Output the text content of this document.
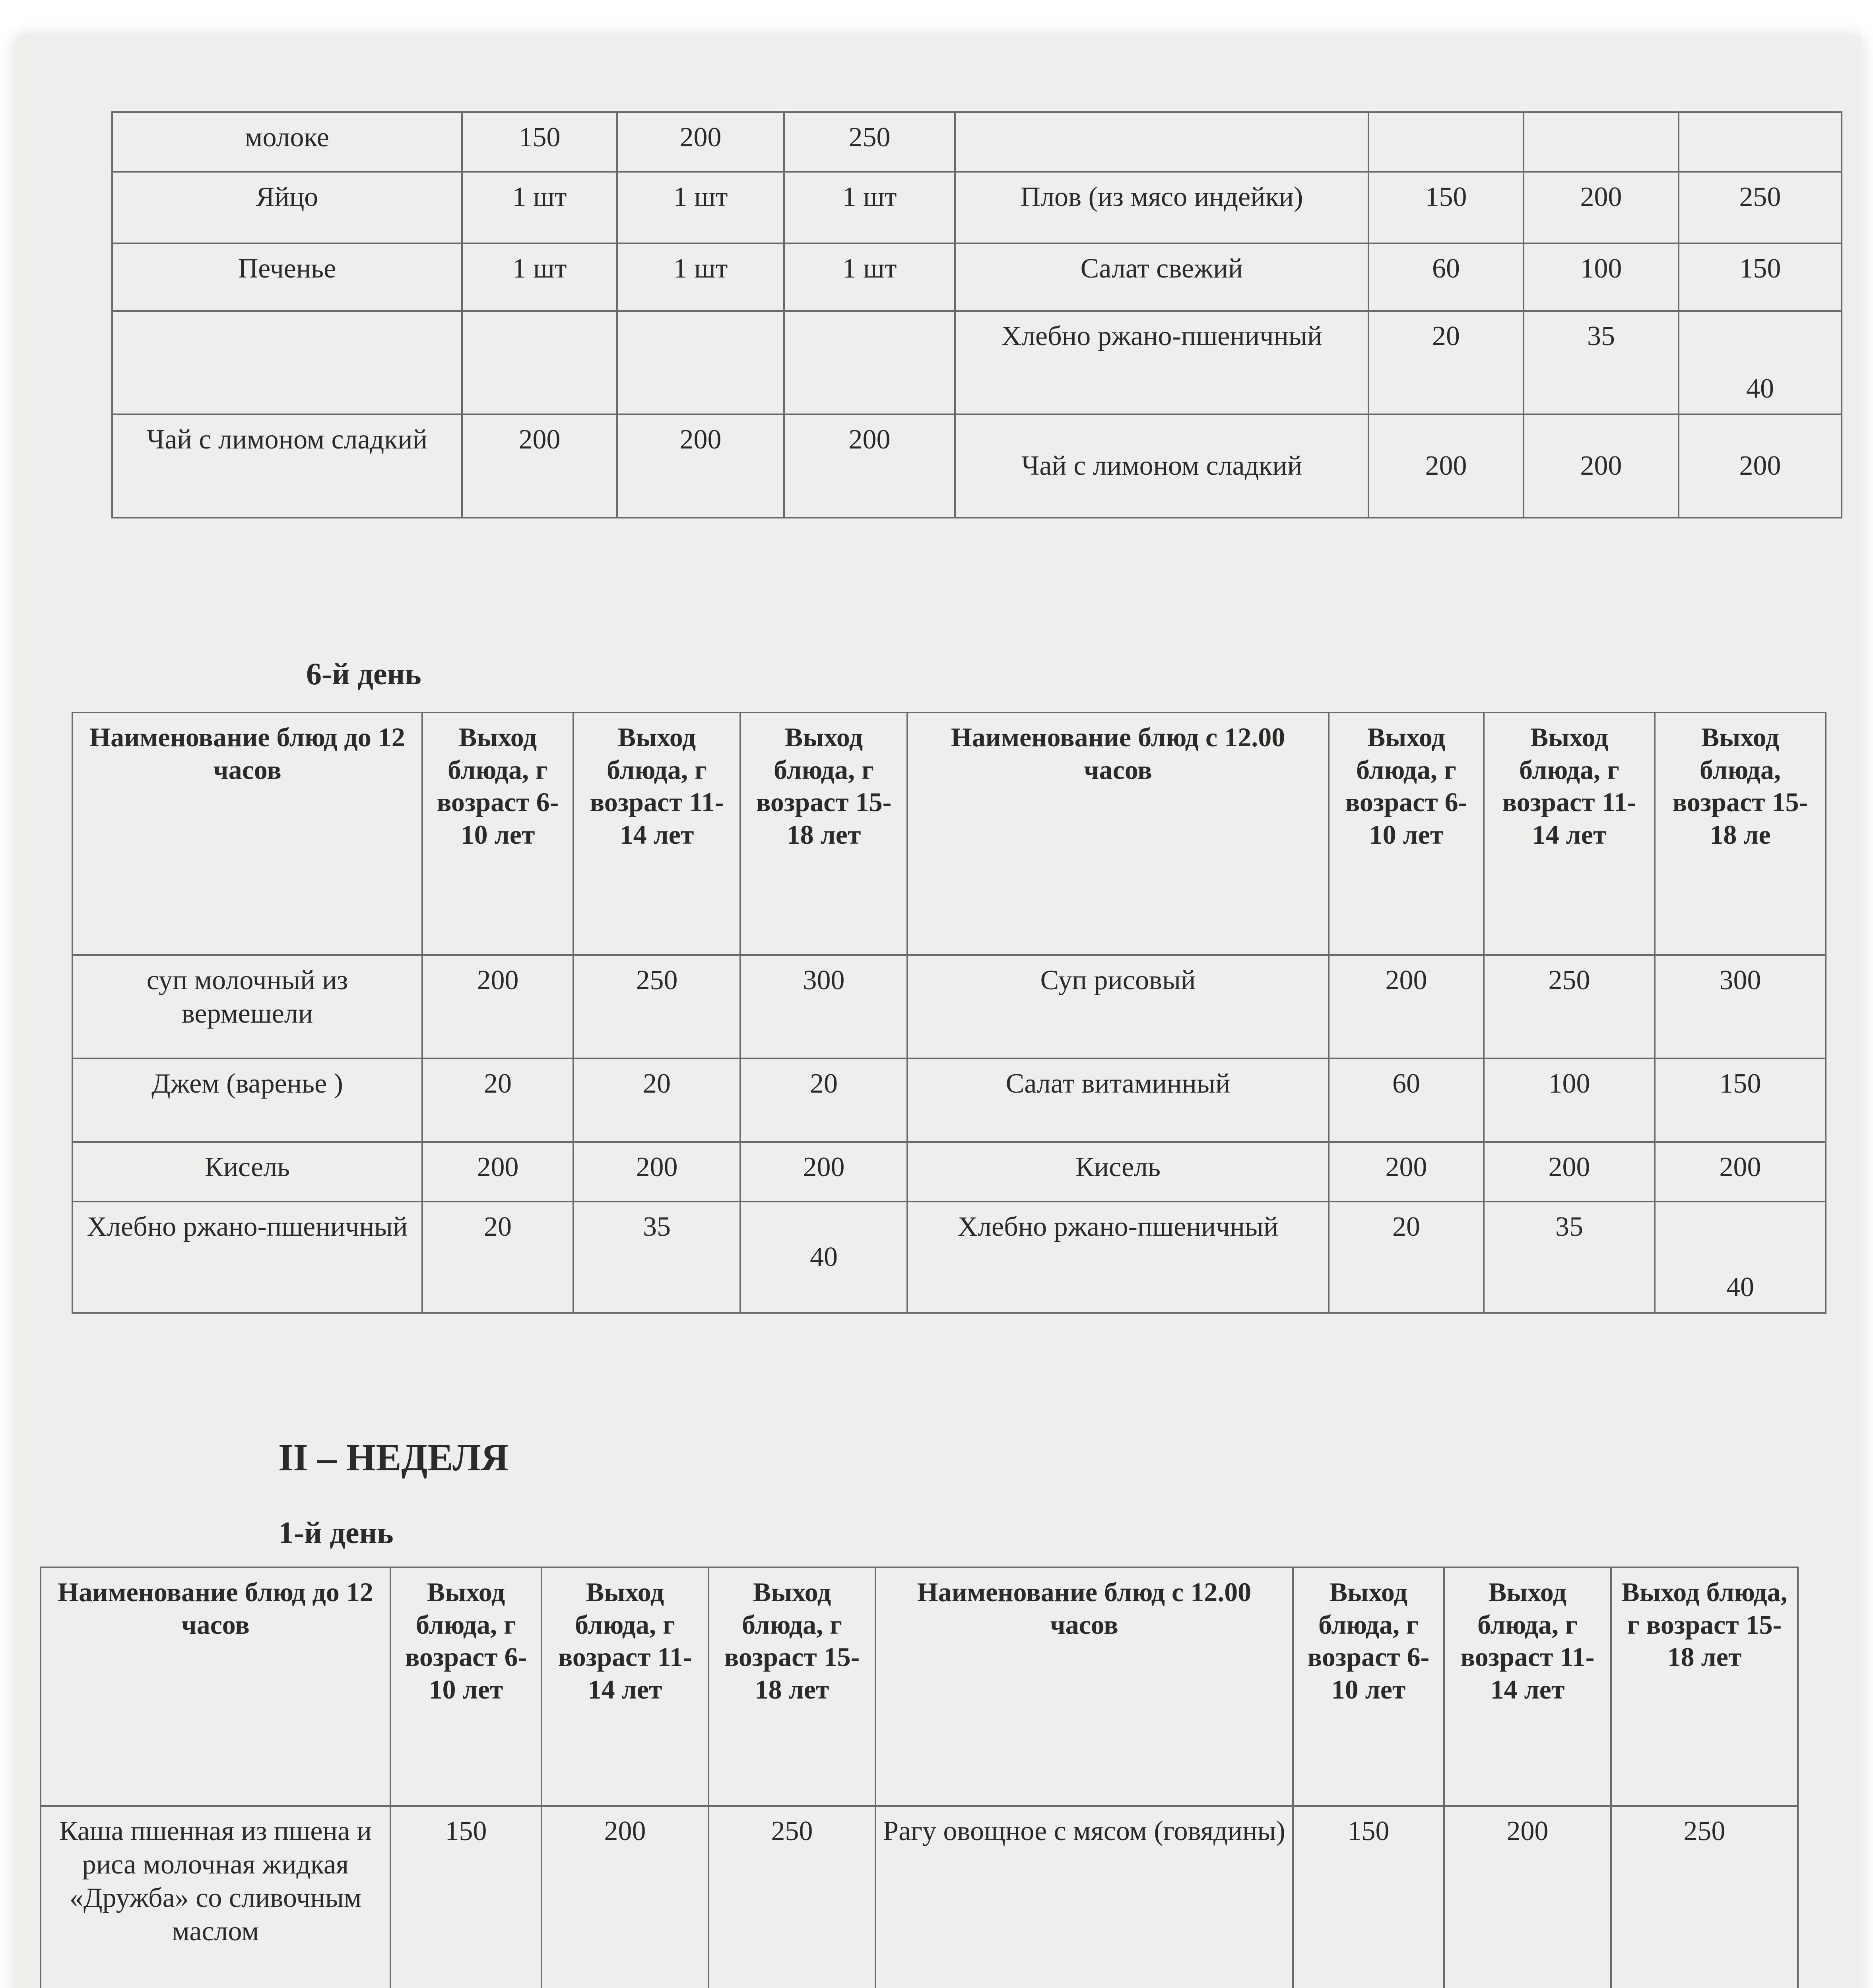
молоке	150	200	250				
Яйцо	1 шт	1 шт	1 шт	Плов (из мясо индейки)	150	200	250
Печенье	1 шт	1 шт	1 шт	Салат свежий	60	100	150
				Хлебно ржано-пшеничный	20	35	40
Чай с лимоном сладкий	200	200	200	Чай с лимоном сладкий	200	200	200
6-й день
Наименование блюд до 12 часов	Выход блюда, г возраст 6-10 лет	Выход блюда, г возраст 11-14 лет	Выход блюда, г возраст 15-18 лет	Наименование блюд с 12.00 часов	Выход блюда, г возраст 6-10 лет	Выход блюда, г возраст 11-14 лет	Выход блюда, возраст 15-18 ле
суп молочный из вермешели	200	250	300	Суп рисовый	200	250	300
Джем (варенье )	20	20	20	Салат витаминный	60	100	150
Кисель	200	200	200	Кисель	200	200	200
Хлебно ржано-пшеничный	20	35	40	Хлебно ржано-пшеничный	20	35	40
II – НЕДЕЛЯ
1-й день
Наименование блюд до 12 часов	Выход блюда, г возраст 6-10 лет	Выход блюда, г возраст 11-14 лет	Выход блюда, г возраст 15-18 лет	Наименование блюд с 12.00 часов	Выход блюда, г возраст 6-10 лет	Выход блюда, г возраст 11-14 лет	Выход блюда, г возраст 15-18 лет
Каша пшенная из пшена и риса молочная жидкая «Дружба» со сливочным маслом	150	200	250	Рагу овощное с мясом (говядины)	150	200	250
